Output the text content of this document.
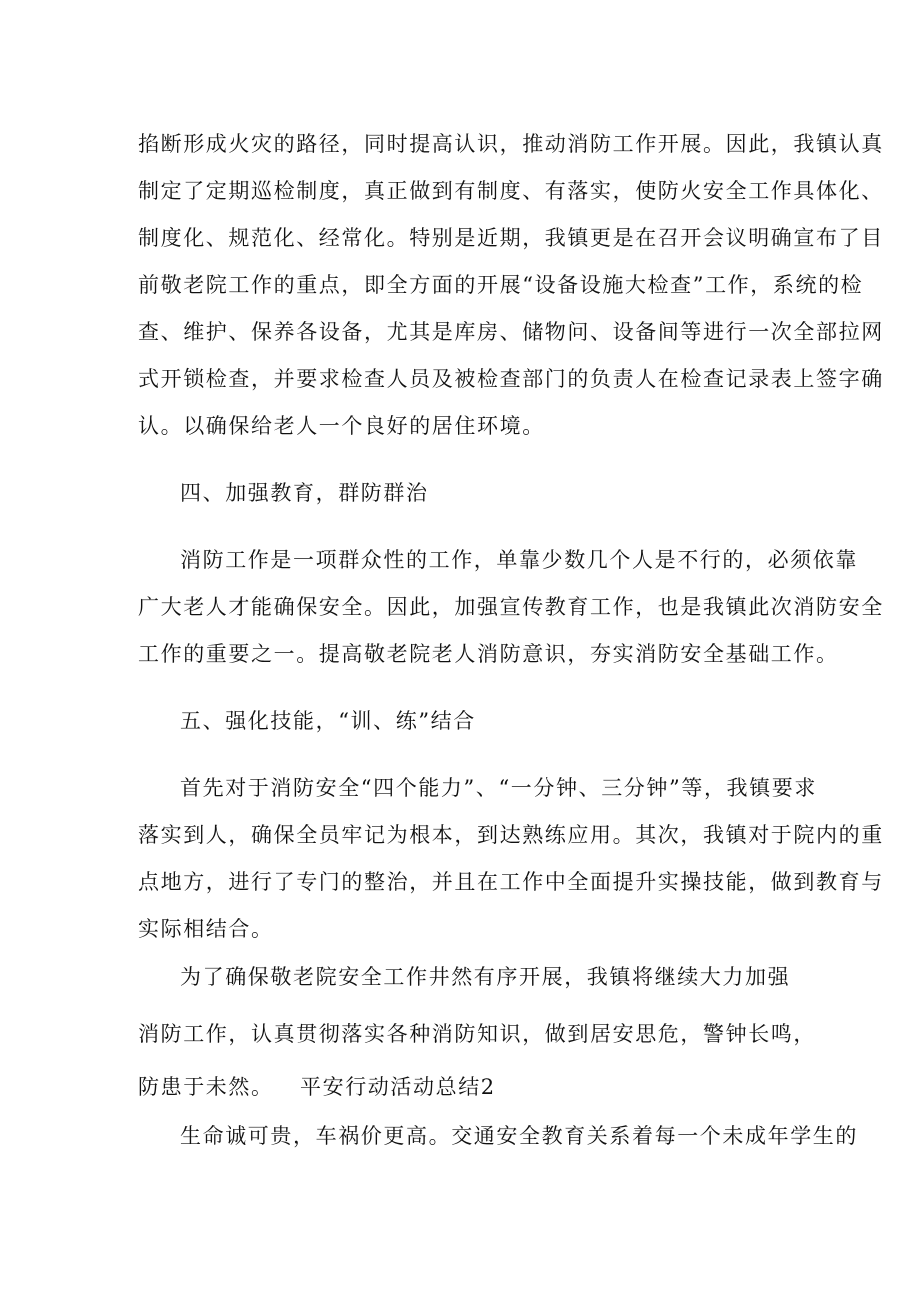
掐断形成火灾的路径，同时提高认识，推动消防工作开展。因此，我镇认真
制定了定期巡检制度，真正做到有制度、有落实，使防火安全工作具体化、
制度化、规范化、经常化。特别是近期，我镇更是在召开会议明确宣布了目
前敬老院工作的重点，即全方面的开展“设备设施大检查”工作，系统的检
查、维护、保养各设备，尤其是库房、储物问、设备间等进行一次全部拉网
式开锁检查，并要求检查人员及被检查部门的负责人在检查记录表上签字确
认。以确保给老人一个良好的居住环境。
四、加强教育，群防群治
消防工作是一项群众性的工作，单靠少数几个人是不行的，必须依靠
广大老人才能确保安全。因此，加强宣传教育工作，也是我镇此次消防安全
工作的重要之一。提高敬老院老人消防意识，夯实消防安全基础工作。
五、强化技能，“训、练”结合
首先对于消防安全“四个能力”、“一分钟、三分钟”等，我镇要求
落实到人，确保全员牢记为根本，到达熟练应用。其次，我镇对于院内的重
点地方，进行了专门的整治，并且在工作中全面提升实操技能，做到教育与
实际相结合。
为了确保敬老院安全工作井然有序开展，我镇将继续大力加强
消防工作，认真贯彻落实各种消防知识，做到居安思危，警钟长鸣，
防患于未然。 平安行动活动总结2
生命诚可贵，车祸价更高。交通安全教育关系着每一个未成年学生的
